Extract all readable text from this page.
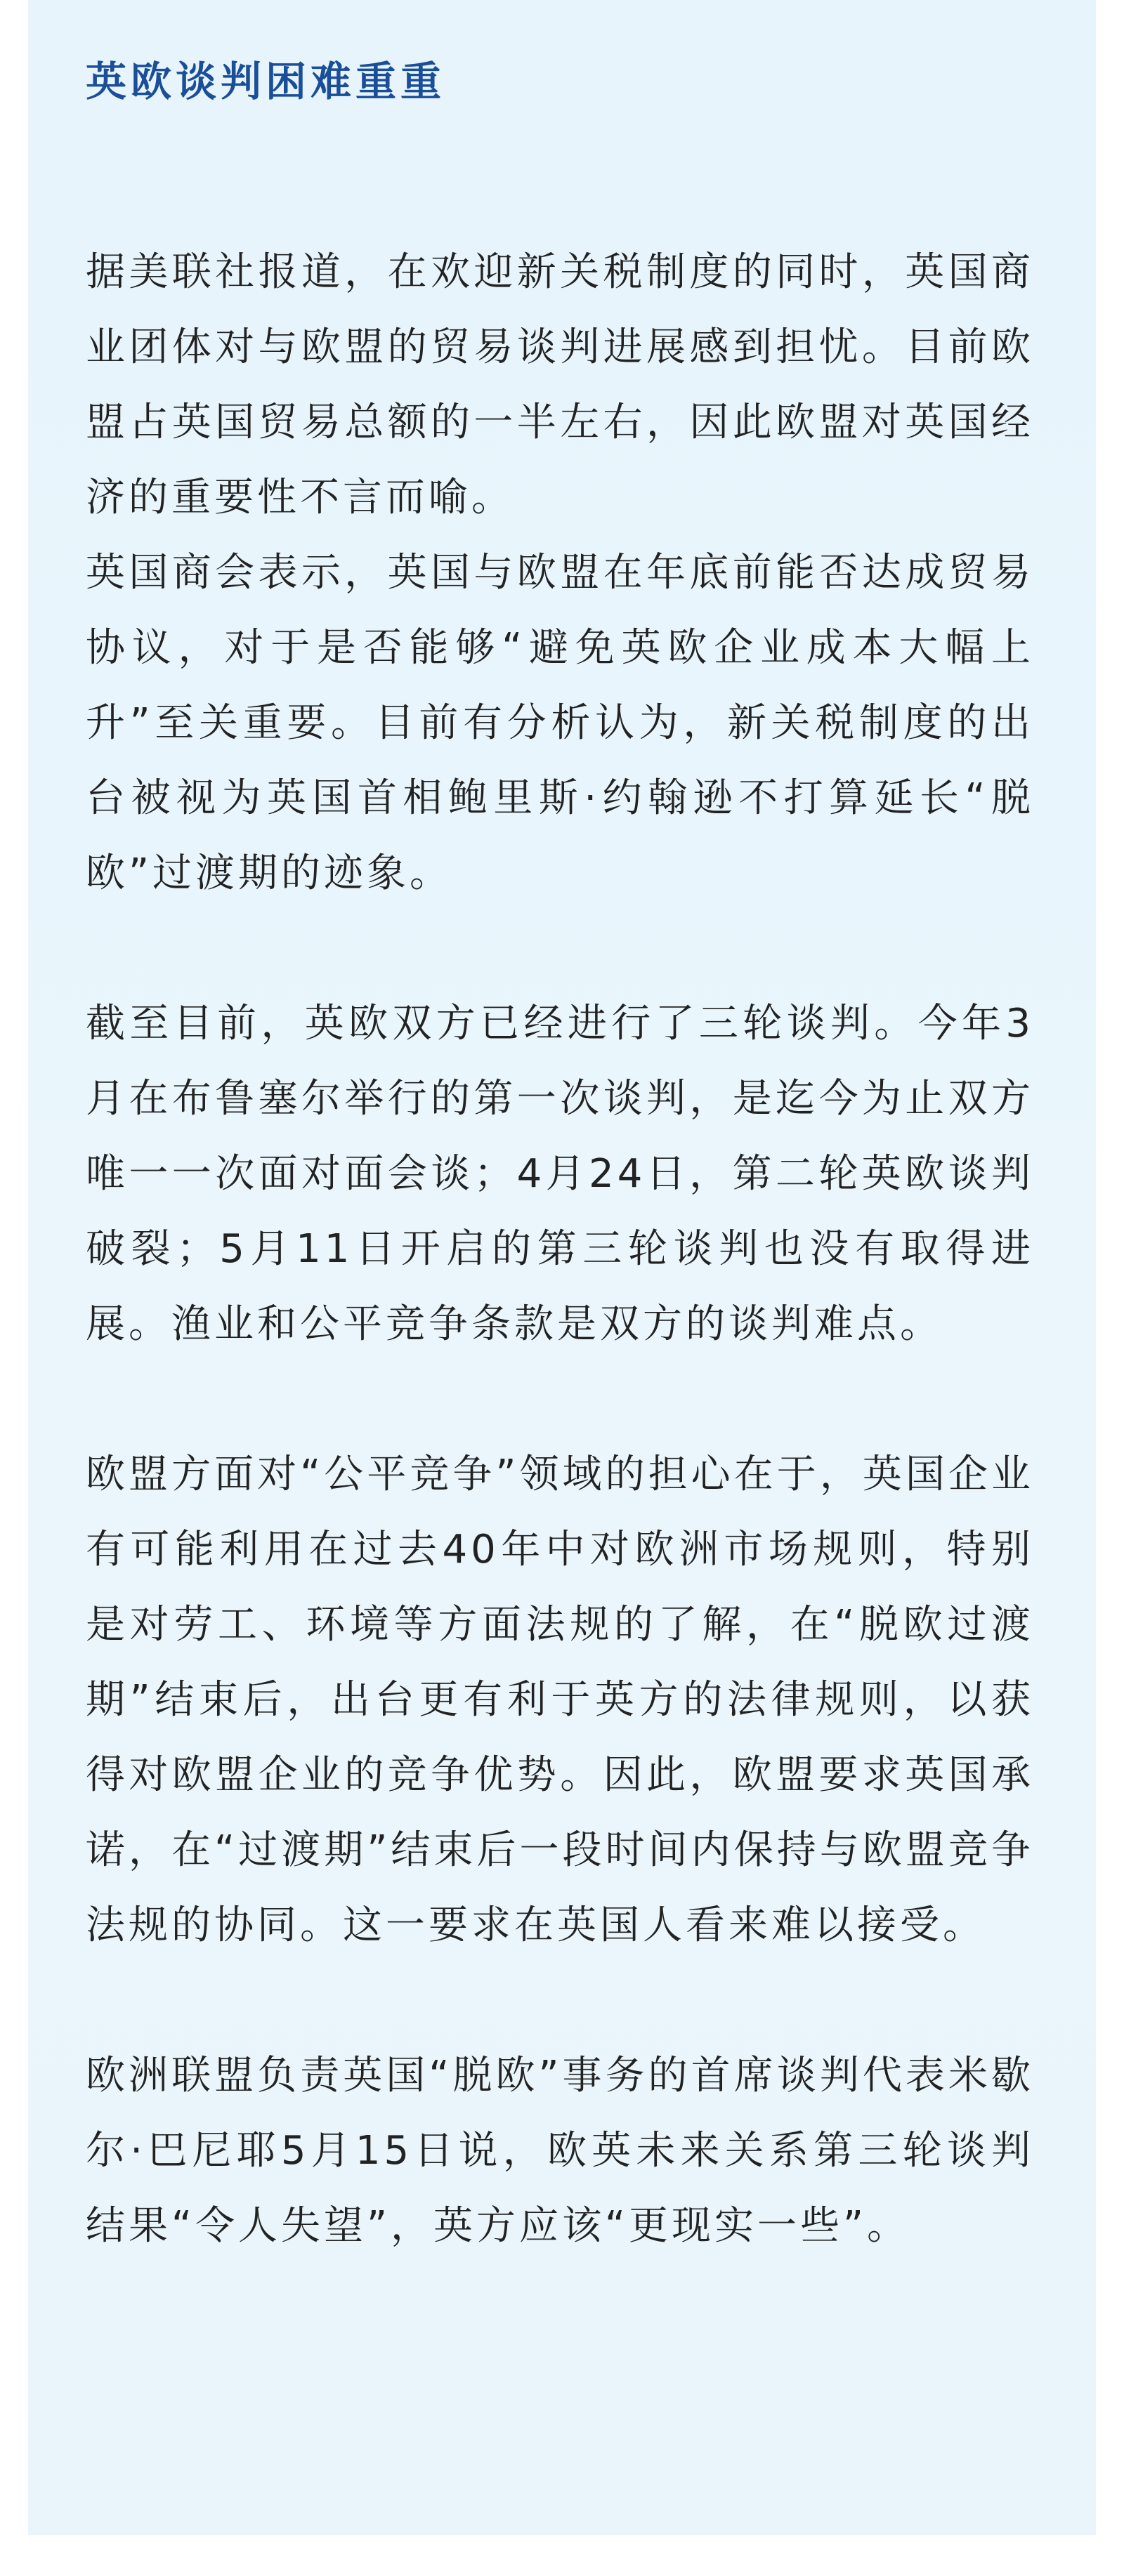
英欧谈判困难重重

据美联社报道，在欢迎新关税制度的同时，英国商业团体对与欧盟的贸易谈判进展感到担忧。目前欧盟占英国贸易总额的一半左右，因此欧盟对英国经济的重要性不言而喻。

英国商会表示，英国与欧盟在年底前能否达成贸易协议，对于是否能够“避免英欧企业成本大幅上升”至关重要。目前有分析认为，新关税制度的出台被视为英国首相鲍里斯·约翰逊不打算延长“脱欧”过渡期的迹象。

截至目前，英欧双方已经进行了三轮谈判。今年3月在布鲁塞尔举行的第一次谈判，是迄今为止双方唯一一次面对面会谈；4月24日，第二轮英欧谈判破裂；5月11日开启的第三轮谈判也没有取得进展。渔业和公平竞争条款是双方的谈判难点。

欧盟方面对“公平竞争”领域的担心在于，英国企业有可能利用在过去40年中对欧洲市场规则，特别是对劳工、环境等方面法规的了解，在“脱欧过渡期”结束后，出台更有利于英方的法律规则，以获得对欧盟企业的竞争优势。因此，欧盟要求英国承诺，在“过渡期”结束后一段时间内保持与欧盟竞争法规的协同。这一要求在英国人看来难以接受。

欧洲联盟负责英国“脱欧”事务的首席谈判代表米歇尔·巴尼耶5月15日说，欧英未来关系第三轮谈判结果“令人失望”，英方应该“更现实一些”。
